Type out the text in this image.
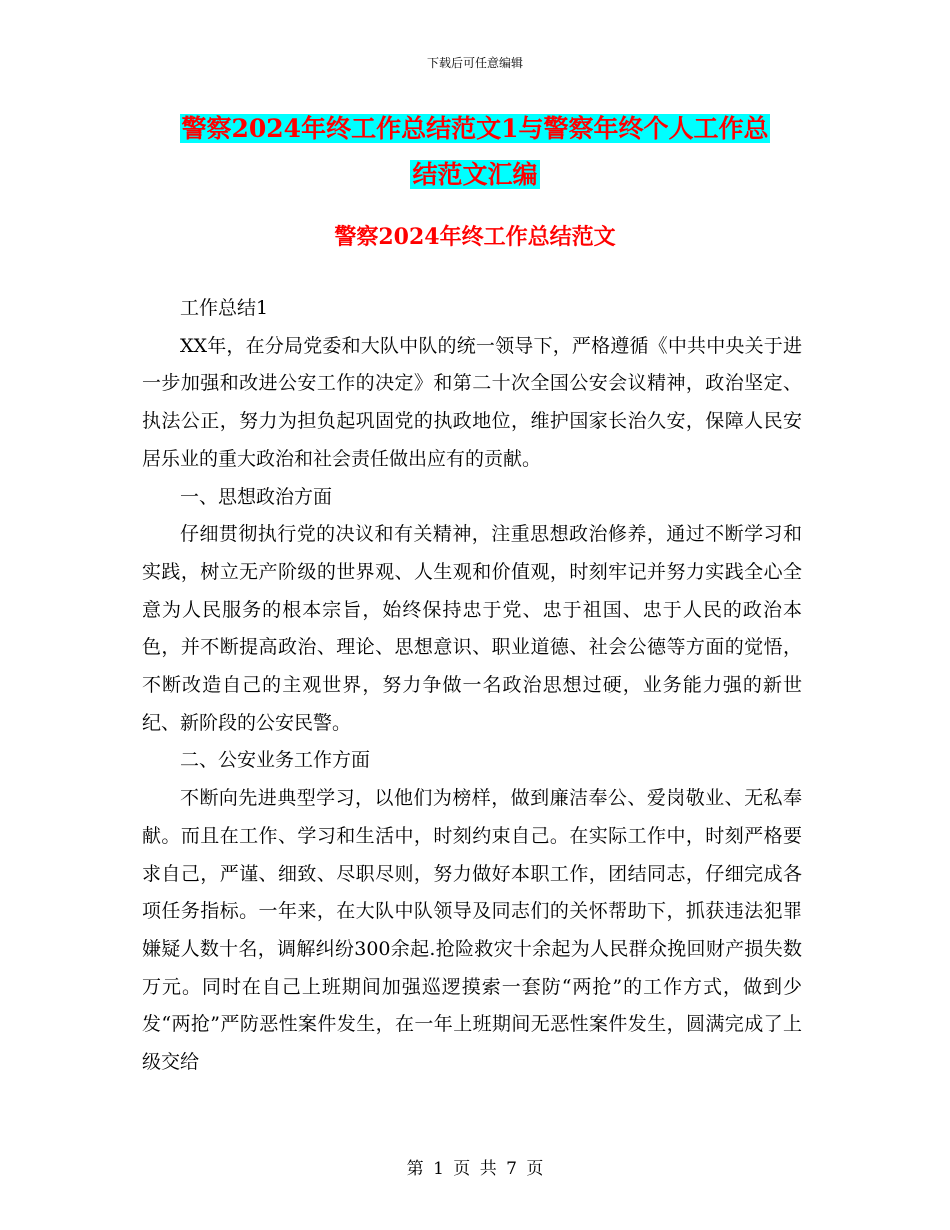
下载后可任意编辑
警察2024年终工作总结范文1与警察年终个人工作总
结范文汇编
警察2024年终工作总结范文

工作总结1

XX年，在分局党委和大队中队的统一领导下，严格遵循《中共中央关于进一步加强和改进公安工作的决定》和第二十次全国公安会议精神，政治坚定、执法公正，努力为担负起巩固党的执政地位，维护国家长治久安，保障人民安居乐业的重大政治和社会责任做出应有的贡献。

一、思想政治方面

仔细贯彻执行党的决议和有关精神，注重思想政治修养，通过不断学习和实践，树立无产阶级的世界观、人生观和价值观，时刻牢记并努力实践全心全意为人民服务的根本宗旨，始终保持忠于党、忠于祖国、忠于人民的政治本色，并不断提高政治、理论、思想意识、职业道德、社会公德等方面的觉悟，不断改造自己的主观世界，努力争做一名政治思想过硬，业务能力强的新世纪、新阶段的公安民警。

二、公安业务工作方面

不断向先进典型学习，以他们为榜样，做到廉洁奉公、爱岗敬业、无私奉献。而且在工作、学习和生活中，时刻约束自己。在实际工作中，时刻严格要求自己，严谨、细致、尽职尽则，努力做好本职工作，团结同志，仔细完成各项任务指标。一年来，在大队中队领导及同志们的关怀帮助下，抓获违法犯罪嫌疑人数十名，调解纠纷300余起.抢险救灾十余起为人民群众挽回财产损失数万元。同时在自己上班期间加强巡逻摸索一套防“两抢”的工作方式，做到少发“两抢”严防恶性案件发生，在一年上班期间无恶性案件发生，圆满完成了上级交给

第 1 页 共 7 页
